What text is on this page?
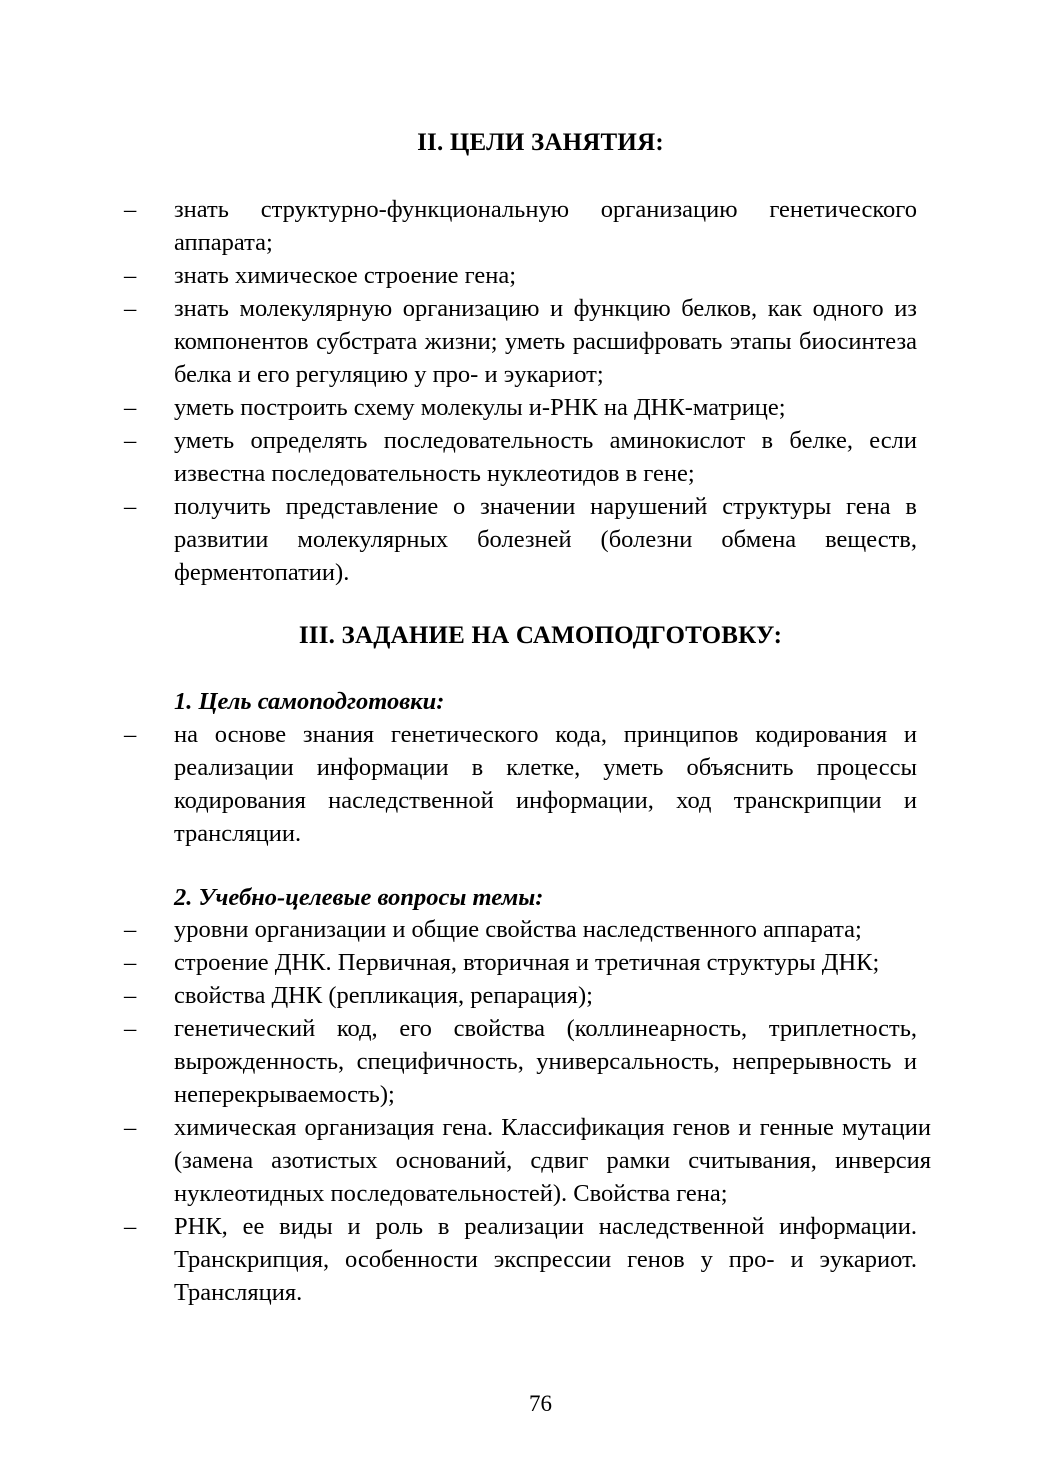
II. ЦЕЛИ ЗАНЯТИЯ:
–	знать структурно-функциональную организацию генетического аппарата;
–	знать химическое строение гена;
–	знать молекулярную организацию и функцию белков, как одного из компонентов субстрата жизни; уметь расшифровать этапы биосинтеза белка и его регуляцию у про- и эукариот;
–	уметь построить схему молекулы и-РНК на ДНК-матрице;
–	уметь определять последовательность аминокислот в белке, если известна последовательность нуклеотидов в гене;
–	получить представление о значении нарушений структуры гена в развитии молекулярных болезней (болезни обмена веществ, ферментопатии).
III. ЗАДАНИЕ НА САМОПОДГОТОВКУ:
1. Цель самоподготовки:
–	на основе знания генетического кода, принципов кодирования и реализации информации в клетке, уметь объяснить процессы кодирования наследственной информации, ход транскрипции и трансляции.
2. Учебно-целевые вопросы темы:
–	уровни организации и общие свойства наследственного аппарата;
–	строение ДНК. Первичная, вторичная и третичная структуры ДНК;
–	свойства ДНК (репликация, репарация);
–	генетический код, его свойства (коллинеарность, триплетность, вырожденность, специфичность, универсальность, непрерывность и неперекрываемость);
–	химическая организация гена. Классификация генов и генные мутации (замена азотистых оснований, сдвиг рамки считывания, инверсия нуклеотидных последовательностей). Свойства гена;
–	РНК, ее виды и роль в реализации наследственной информации. Транскрипция, особенности экспрессии генов у про- и эукариот. Трансляция.
76
